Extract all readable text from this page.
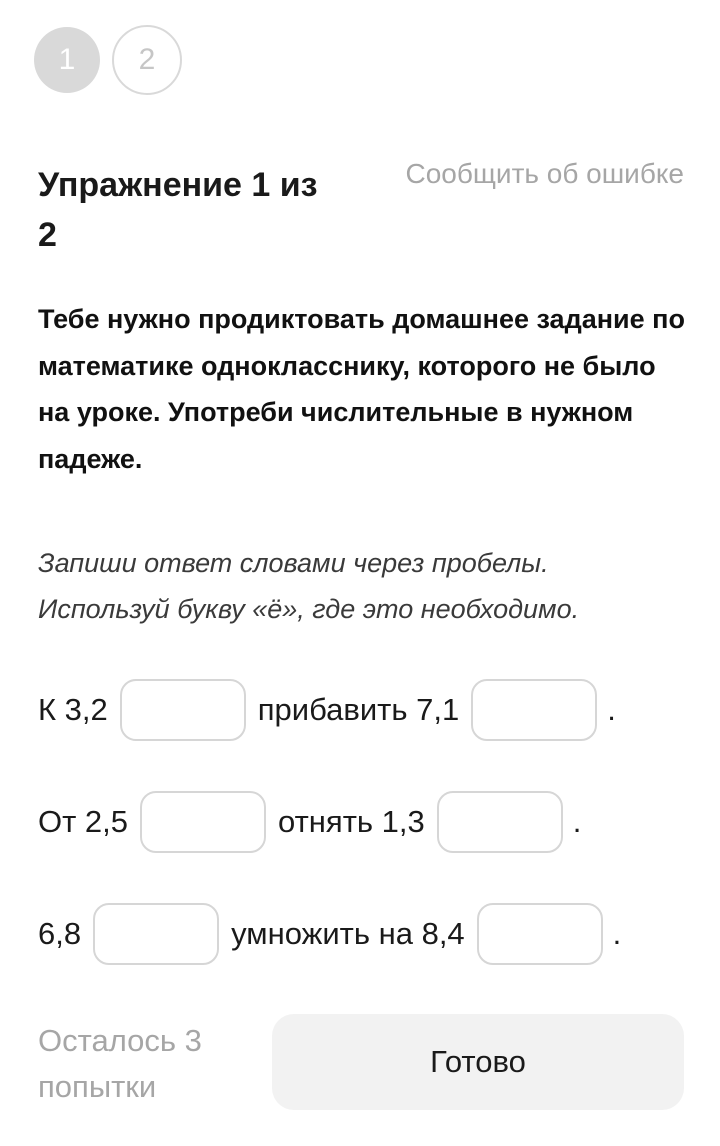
1	2
Упражнение 1 из 2
Сообщить об ошибке
Тебе нужно продиктовать домашнее задание по математике однокласснику, которого не было на уроке. Употреби числительные в нужном падеже.
Запиши ответ словами через пробелы.
Используй букву «ё», где это необходимо.
К 3,2	прибавить 7,1	.
От 2,5	отнять 1,3	.
6,8	умножить на 8,4	.
Осталось 3
попытки
Готово
